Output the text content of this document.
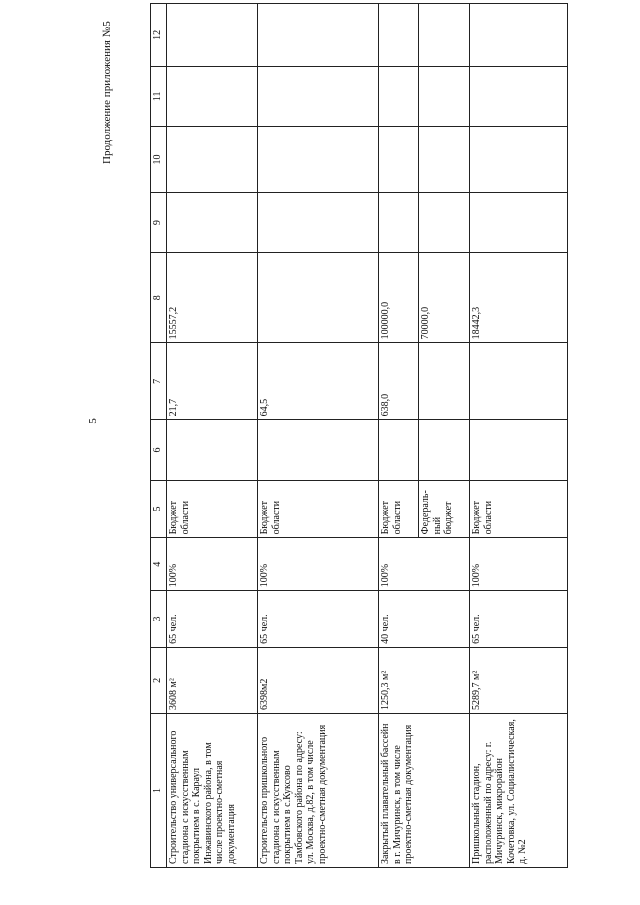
5
Продолжение приложения №5
1	2	3	4	5	6	7	8	9	10	11	12
Строительство универсального стадиона с искусственным покрытием в с. Караул Инжавинского района, в том числе проектно-сметная документация	3608 м²	65 чел.	100%	Бюджет области		21,7	15557,2				
Строительство пришкольного стадиона с искусственным покрытием в с.Куксово Тамбовского района по адресу: ул. Москва, д.82, в том числе проектно-сметная документация	6398м2	65 чел.	100%	Бюджет области		64,5					
Закрытый плавательный бассейн в г. Мичуринск, в том числе проектно-сметная документация	1250,3 м²	40 чел.	100%	Бюджет области		638,0	100000,0				
				Федераль-ный бюджет			70000,0				
Пришкольный стадион, расположенный по адресу: г. Мичуринск, микрорайон Кочетовка, ул. Социалистическая, д. №2	5289,7 м²	65 чел.	100%	Бюджет области			18442,3				
